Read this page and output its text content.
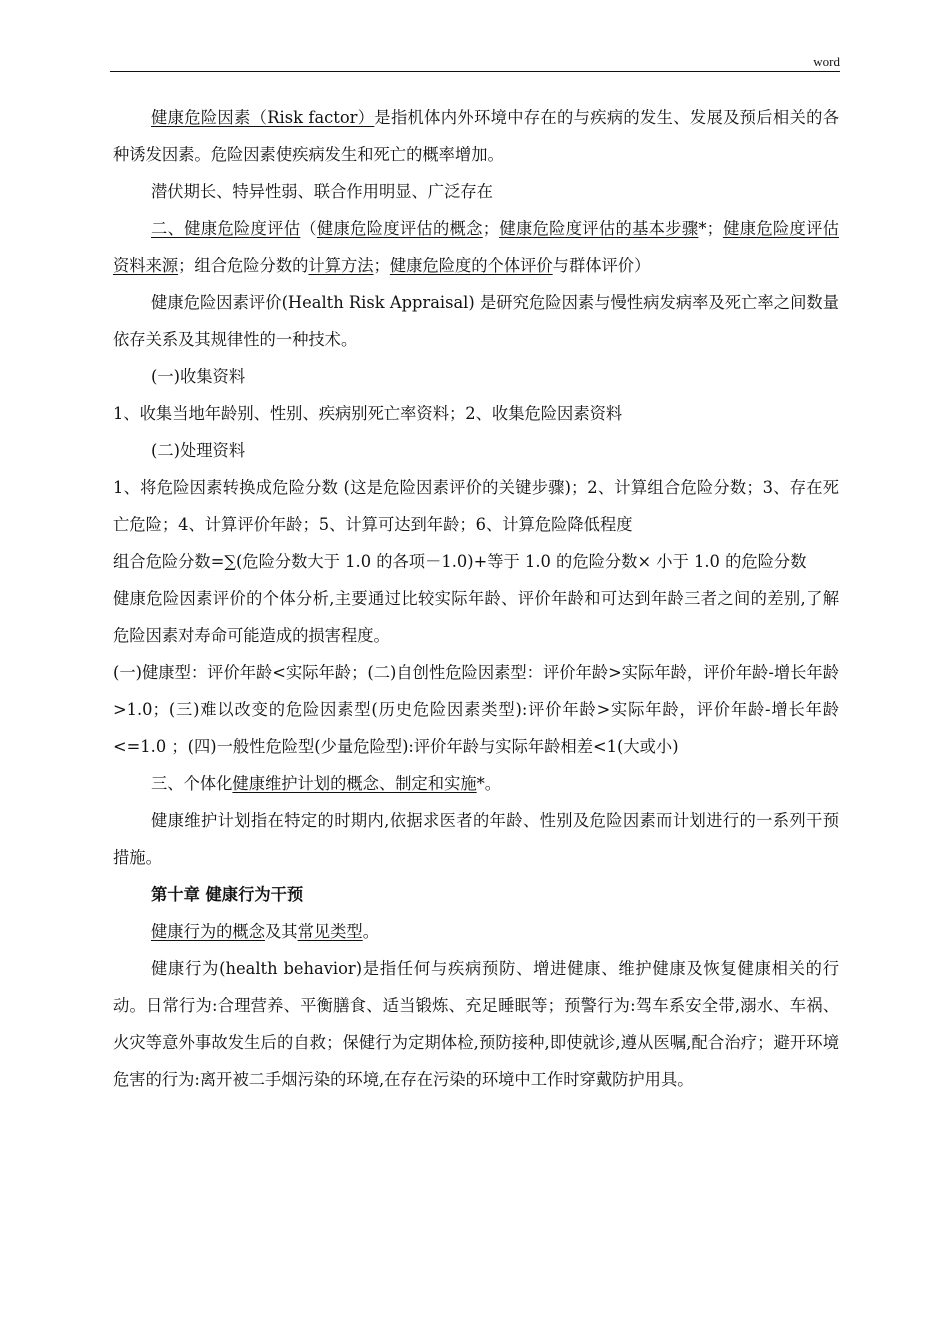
word

健康危险因素（Risk factor）是指机体内外环境中存在的与疾病的发生、发展及预后相关的各种诱发因素。危险因素使疾病发生和死亡的概率增加。

潜伏期长、特异性弱、联合作用明显、广泛存在

二、健康危险度评估（健康危险度评估的概念；健康危险度评估的基本步骤*；健康危险度评估资料来源；组合危险分数的计算方法；健康危险度的个体评价与群体评价）

健康危险因素评价(Health Risk Appraisal) 是研究危险因素与慢性病发病率及死亡率之间数量依存关系及其规律性的一种技术。

(一)收集资料

1、收集当地年龄别、性别、疾病别死亡率资料；2、收集危险因素资料

(二)处理资料

1、将危险因素转换成危险分数 (这是危险因素评价的关键步骤)；2、计算组合危险分数；3、存在死亡危险；4、计算评价年龄；5、计算可达到年龄；6、计算危险降低程度

组合危险分数=∑(危险分数大于 1.0 的各项－1.0)+等于 1.0 的危险分数× 小于 1.0 的危险分数

健康危险因素评价的个体分析,主要通过比较实际年龄、评价年龄和可达到年龄三者之间的差别,了解危险因素对寿命可能造成的损害程度。

(一)健康型：评价年龄<实际年龄；(二)自创性危险因素型：评价年龄>实际年龄，评价年龄-增长年龄>1.0；(三)难以改变的危险因素型(历史危险因素类型):评价年龄>实际年龄，评价年龄-增长年龄<=1.0 ；(四)一般性危险型(少量危险型):评价年龄与实际年龄相差<1(大或小)

三、个体化健康维护计划的概念、制定和实施*。

健康维护计划指在特定的时期内,依据求医者的年龄、性别及危险因素而计划进行的一系列干预措施。

第十章 健康行为干预

健康行为的概念及其常见类型。

健康行为(health behavior)是指任何与疾病预防、增进健康、维护健康及恢复健康相关的行动。日常行为:合理营养、平衡膳食、适当锻炼、充足睡眠等；预警行为:驾车系安全带,溺水、车祸、火灾等意外事故发生后的自救；保健行为定期体检,预防接种,即使就诊,遵从医嘱,配合治疗；避开环境危害的行为:离开被二手烟污染的环境,在存在污染的环境中工作时穿戴防护用具。
